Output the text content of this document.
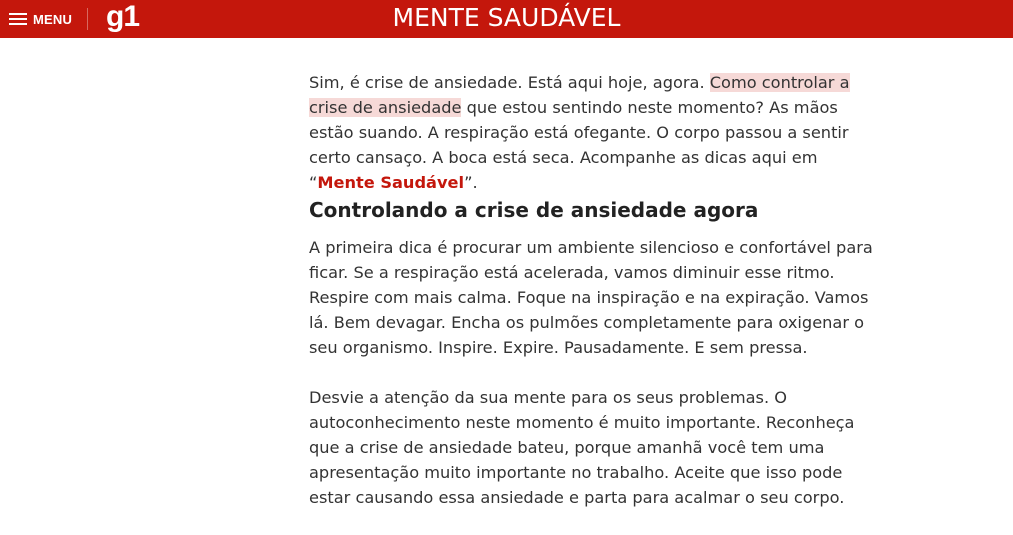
MENU g1	MENTE SAUDÁVEL

Sim, é crise de ansiedade. Está aqui hoje, agora. Como controlar a crise de ansiedade que estou sentindo neste momento? As mãos estão suando. A respiração está ofegante. O corpo passou a sentir certo cansaço. A boca está seca. Acompanhe as dicas aqui em “Mente Saudável”.

Controlando a crise de ansiedade agora

A primeira dica é procurar um ambiente silencioso e confortável para ficar. Se a respiração está acelerada, vamos diminuir esse ritmo. Respire com mais calma. Foque na inspiração e na expiração. Vamos lá. Bem devagar. Encha os pulmões completamente para oxigenar o seu organismo. Inspire. Expire. Pausadamente. E sem pressa.

Desvie a atenção da sua mente para os seus problemas. O autoconhecimento neste momento é muito importante. Reconheça que a crise de ansiedade bateu, porque amanhã você tem uma apresentação muito importante no trabalho. Aceite que isso pode estar causando essa ansiedade e parta para acalmar o seu corpo.
